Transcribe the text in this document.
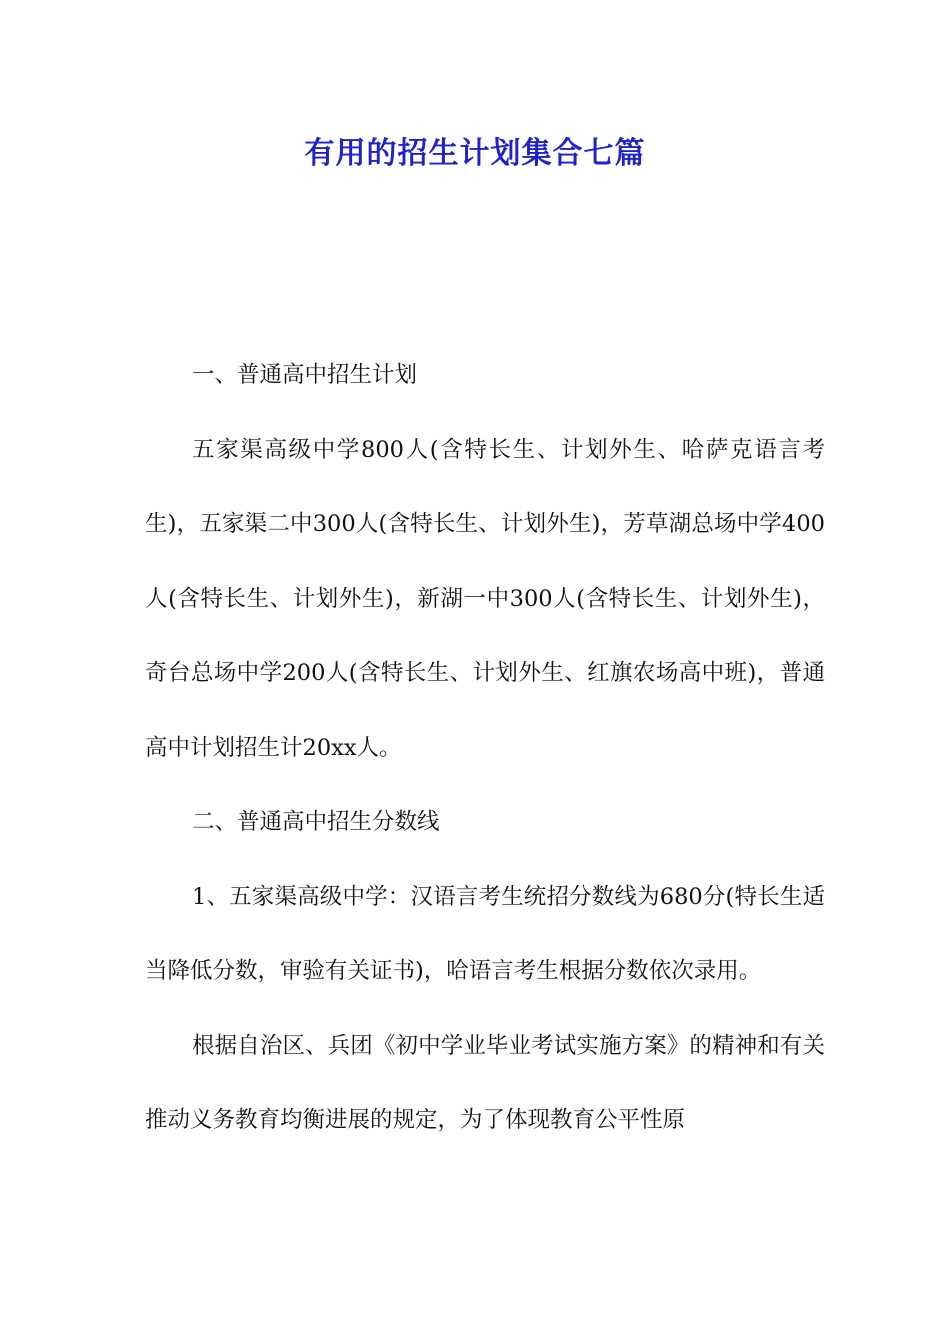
有用的招生计划集合七篇

一、普通高中招生计划

五家渠高级中学800人(含特长生、计划外生、哈萨克语言考生)，五家渠二中300人(含特长生、计划外生)，芳草湖总场中学400人(含特长生、计划外生)，新湖一中300人(含特长生、计划外生)，奇台总场中学200人(含特长生、计划外生、红旗农场高中班)，普通高中计划招生计20xx人。

二、普通高中招生分数线

1、五家渠高级中学：汉语言考生统招分数线为680分(特长生适当降低分数，审验有关证书)，哈语言考生根据分数依次录用。

根据自治区、兵团《初中学业毕业考试实施方案》的精神和有关推动义务教育均衡进展的规定，为了体现教育公平性原
